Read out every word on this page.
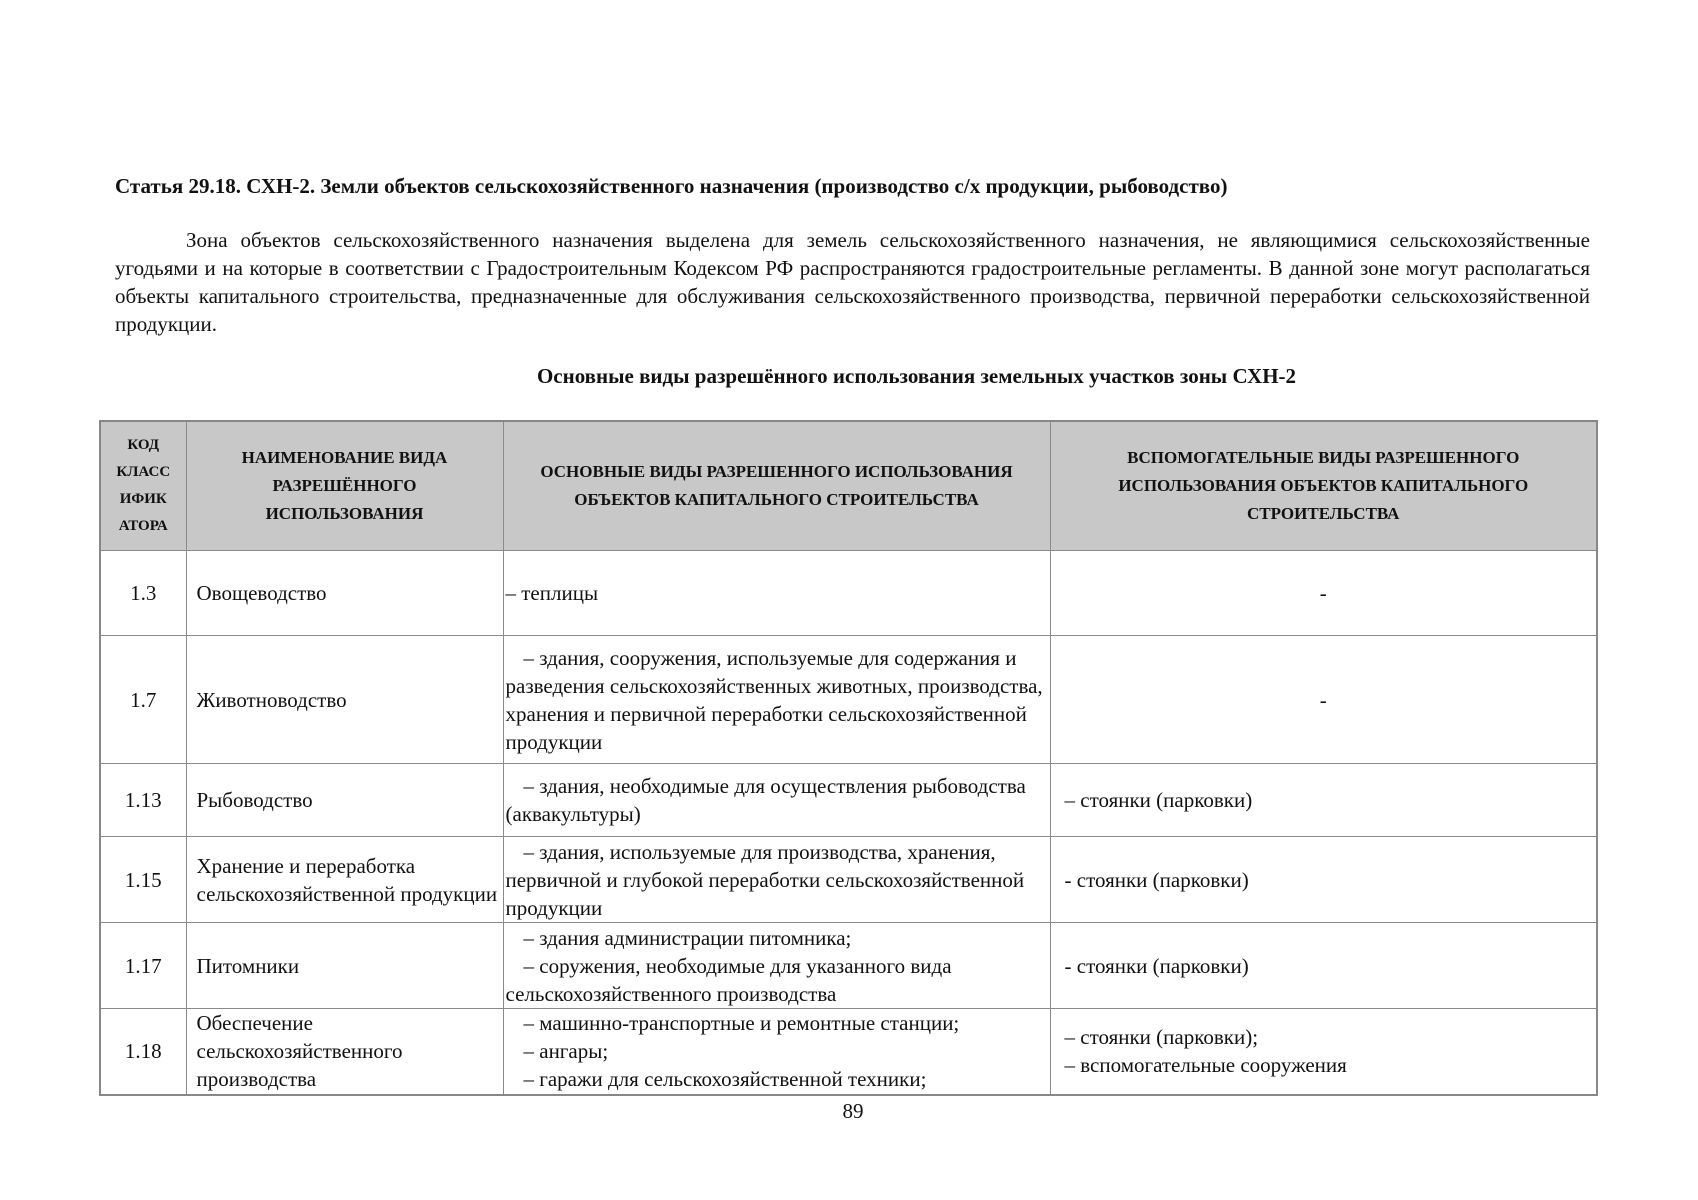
Статья 29.18. СХН-2. Земли объектов сельскохозяйственного назначения (производство с/х продукции, рыбоводство)

Зона объектов сельскохозяйственного назначения выделена для земель сельскохозяйственного назначения, не являющимися сельскохозяйственные угодьями и на которые в соответствии с Градостроительным Кодексом РФ распространяются градостроительные регламенты. В данной зоне могут располагаться объекты капитального строительства, предназначенные для обслуживания сельскохозяйственного производства, первичной переработки сельскохозяйственной продукции.

Основные виды разрешённого использования земельных участков зоны СХН-2
КОД
КЛАСС
ИФИК
АТОРА	НАИМЕНОВАНИЕ ВИДА РАЗРЕШЁННОГО ИСПОЛЬЗОВАНИЯ	ОСНОВНЫЕ ВИДЫ РАЗРЕШЕННОГО ИСПОЛЬЗОВАНИЯ ОБЪЕКТОВ КАПИТАЛЬНОГО СТРОИТЕЛЬСТВА	ВСПОМОГАТЕЛЬНЫЕ ВИДЫ РАЗРЕШЕННОГО ИСПОЛЬЗОВАНИЯ ОБЪЕКТОВ КАПИТАЛЬНОГО СТРОИТЕЛЬСТВА
1.3	Овощеводство	– теплицы	-

1.7	Животноводство	– здания, сооружения, используемые для содержания и разведения сельскохозяйственных животных, производства, хранения и первичной переработки сельскохозяйственной продукции	-

1.13	Рыбоводство	– здания, необходимые для осуществления рыбоводства (аквакультуры)	– стоянки (парковки)

1.15	Хранение и переработка сельскохозяйственной продукции	– здания, используемые для производства, хранения, первичной и глубокой переработки сельскохозяйственной продукции	- стоянки (парковки)

1.17	Питомники	– здания администрации питомника;
– соружения, необходимые для указанного вида сельскохозяйственного производства	- стоянки (парковки)

1.18	Обеспечение сельскохозяйственного производства	– машинно-транспортные и ремонтные станции;
– ангары;
– гаражи для сельскохозяйственной техники;	– стоянки (парковки);
– вспомогательные сооружения
89
